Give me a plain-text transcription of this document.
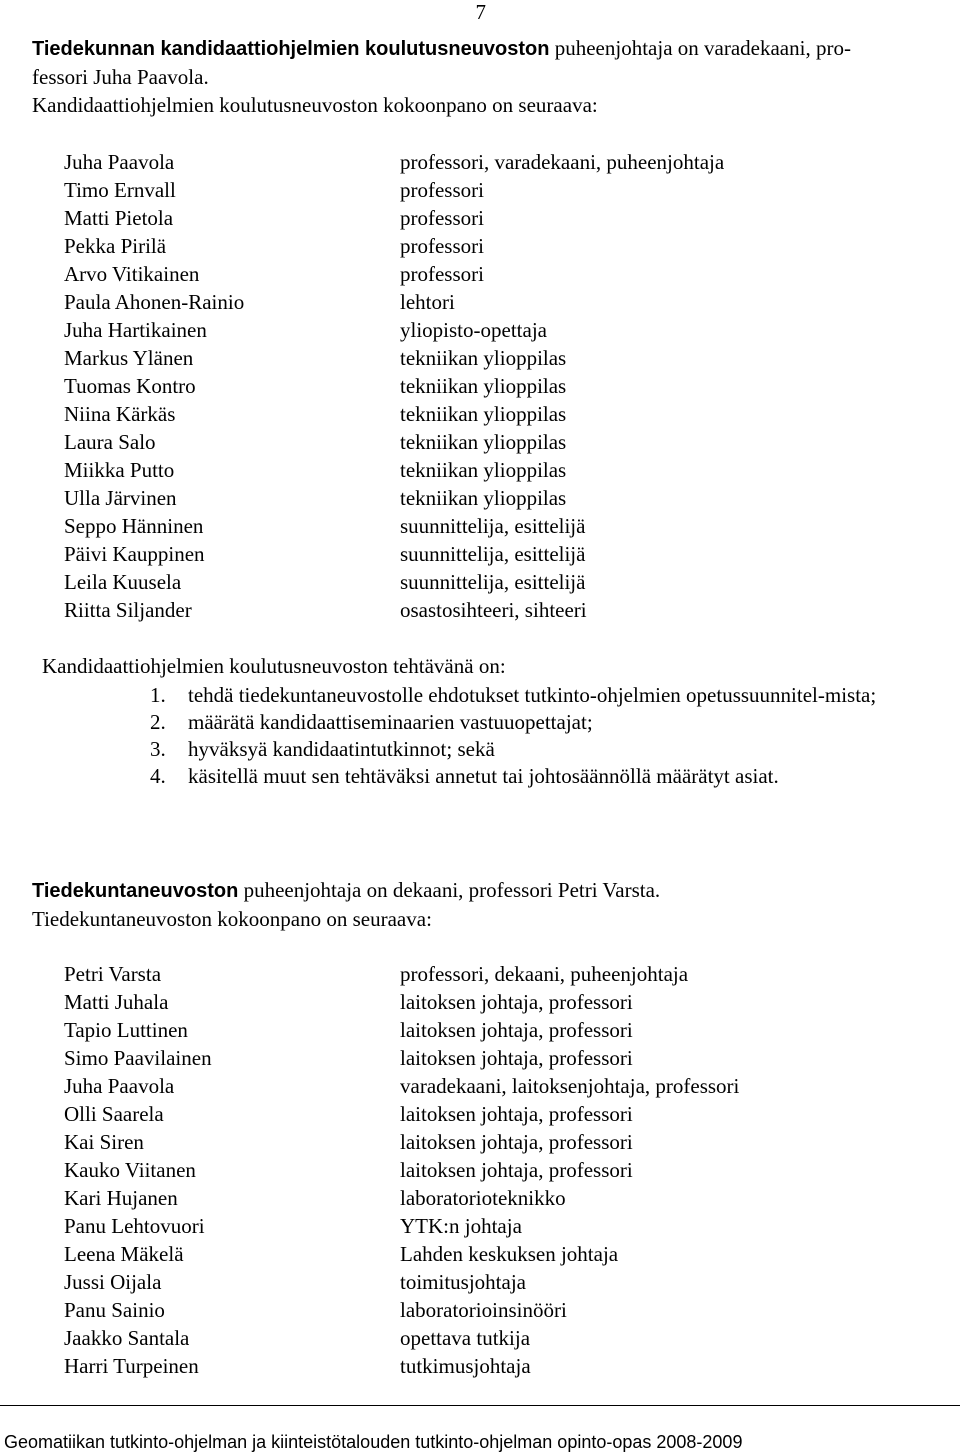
7
Tiedekunnan kandidaattiohjelmien koulutusneuvoston puheenjohtaja on varadekaani, pro-
fessori Juha Paavola.
Kandidaattiohjelmien koulutusneuvoston kokoonpano on seuraava:
Juha Paavola	professori, varadekaani, puheenjohtaja
Timo Ernvall	professori
Matti Pietola	professori
Pekka Pirilä	professori
Arvo Vitikainen	professori
Paula Ahonen-Rainio	lehtori
Juha Hartikainen	yliopisto-opettaja
Markus Ylänen	tekniikan ylioppilas
Tuomas Kontro	tekniikan ylioppilas
Niina Kärkäs	tekniikan ylioppilas
Laura Salo	tekniikan ylioppilas
Miikka Putto	tekniikan ylioppilas
Ulla Järvinen	tekniikan ylioppilas
Seppo Hänninen	suunnittelija, esittelijä
Päivi Kauppinen	suunnittelija, esittelijä
Leila Kuusela	suunnittelija, esittelijä
Riitta Siljander	osastosihteeri, sihteeri
Kandidaattiohjelmien koulutusneuvoston tehtävänä on:
1.	tehdä tiedekuntaneuvostolle ehdotukset tutkinto-ohjelmien opetussuunnitel-mista;
2.	määrätä kandidaattiseminaarien vastuuopettajat;
3.	hyväksyä kandidaatintutkinnot; sekä
4.	käsitellä muut sen tehtäväksi annetut tai johtosäännöllä määrätyt asiat.
Tiedekuntaneuvoston puheenjohtaja on dekaani, professori Petri Varsta.
Tiedekuntaneuvoston kokoonpano on seuraava:
Petri Varsta	professori, dekaani, puheenjohtaja
Matti Juhala	laitoksen johtaja, professori
Tapio Luttinen	laitoksen johtaja, professori
Simo Paavilainen	laitoksen johtaja, professori
Juha Paavola	varadekaani, laitoksenjohtaja, professori
Olli Saarela	laitoksen johtaja, professori
Kai Siren	laitoksen johtaja, professori
Kauko Viitanen	laitoksen johtaja, professori
Kari Hujanen	laboratorioteknikko
Panu Lehtovuori	YTK:n johtaja
Leena Mäkelä	Lahden keskuksen johtaja
Jussi Oijala	toimitusjohtaja
Panu Sainio	laboratorioinsinööri
Jaakko Santala	opettava tutkija
Harri Turpeinen	tutkimusjohtaja
Geomatiikan tutkinto-ohjelman ja kiinteistötalouden tutkinto-ohjelman opinto-opas 2008-2009
